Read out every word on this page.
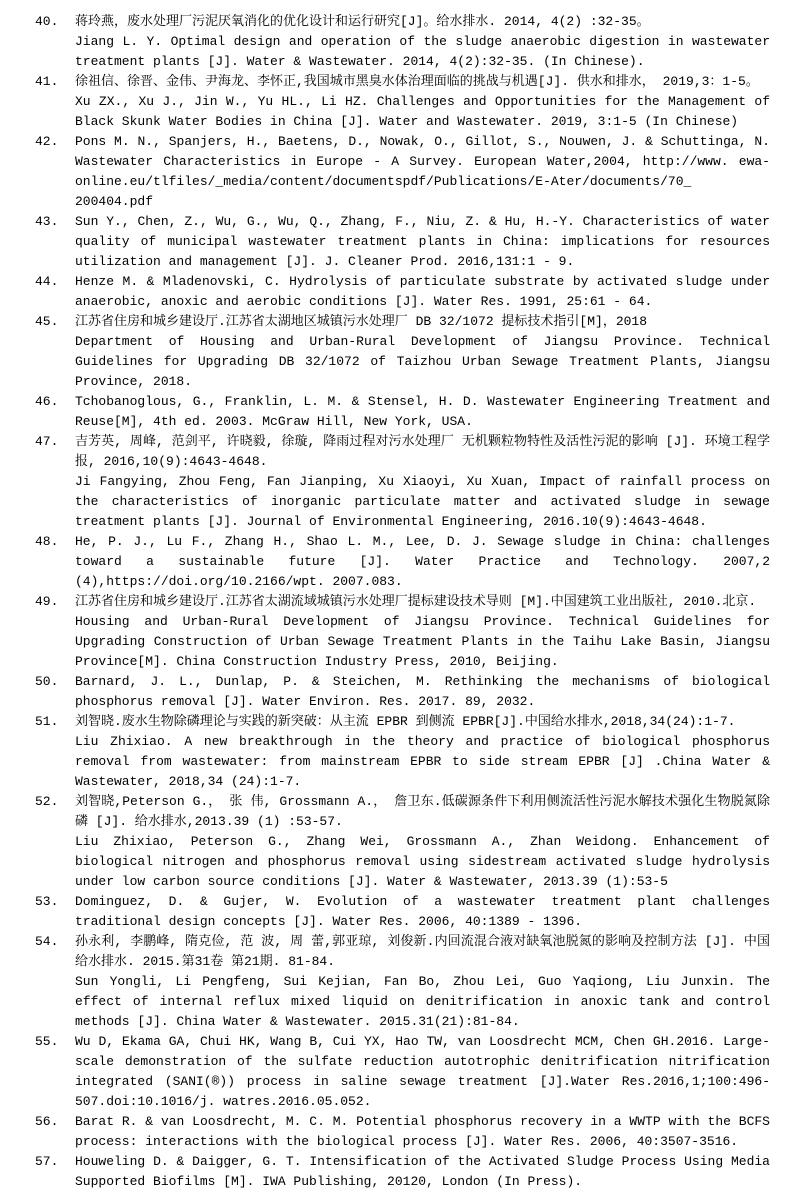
40.	蒋玲燕，废水处理厂污泥厌氧消化的优化设计和运行研究[J]。给水排水. 2014, 4(2) :32-35。

Jiang L. Y. Optimal design and operation of the sludge anaerobic digestion in wastewater treatment plants [J]. Water & Wastewater. 2014, 4(2):32-35. (In Chinese).

41.	徐祖信、徐晋、金伟、尹海龙、李怀正,我国城市黑臭水体治理面临的挑战与机遇[J]. 供水和排水， 2019,3：1-5。

Xu ZX., Xu J., Jin W., Yu HL., Li HZ. Challenges and Opportunities for the Management of Black Skunk Water Bodies in China [J]. Water and Wastewater. 2019, 3:1-5 (In Chinese)

42.	Pons M. N., Spanjers, H., Baetens, D., Nowak, O., Gillot, S., Nouwen, J. & Schuttinga, N. Wastewater Characteristics in Europe - A Survey. European Water,2004, http://www. ewa-online.eu/tlfiles/_media/content/documentspdf/Publications/E-Ater/documents/70_ 200404.pdf

43.	Sun Y., Chen, Z., Wu, G., Wu, Q., Zhang, F., Niu, Z. & Hu, H.-Y. Characteristics of water quality of municipal wastewater treatment plants in China: implications for resources utilization and management [J]. J. Cleaner Prod. 2016,131:1 - 9.

44.	Henze M. & Mladenovski, C. Hydrolysis of particulate substrate by activated sludge under anaerobic, anoxic and aerobic conditions [J]. Water Res. 1991, 25:61 - 64.

45.	江苏省住房和城乡建设厅.江苏省太湖地区城镇污水处理厂 DB 32/1072 提标技术指引[M]，2018

Department of Housing and Urban-Rural Development of Jiangsu Province. Technical Guidelines for Upgrading DB 32/1072 of Taizhou Urban Sewage Treatment Plants, Jiangsu Province, 2018.

46.	Tchobanoglous, G., Franklin, L. M. & Stensel, H. D. Wastewater Engineering Treatment and Reuse[M], 4th ed. 2003. McGraw Hill, New York, USA.

47.	吉芳英, 周峰, 范剑平, 许晓毅, 徐璇, 降雨过程对污水处理厂 无机颗粒物特性及活性污泥的影响 [J]. 环境工程学报, 2016,10(9):4643-4648.

Ji Fangying, Zhou Feng, Fan Jianping, Xu Xiaoyi, Xu Xuan, Impact of rainfall process on the characteristics of inorganic particulate matter and activated sludge in sewage treatment plants [J]. Journal of Environmental Engineering, 2016.10(9):4643-4648.

48.	He, P. J., Lu F., Zhang H., Shao L. M., Lee, D. J. Sewage sludge in China: challenges toward a sustainable future [J]. Water Practice and Technology. 2007,2 (4),https://doi.org/10.2166/wpt. 2007.083.

49.	江苏省住房和城乡建设厅.江苏省太湖流域城镇污水处理厂提标建设技术导则 [M].中国建筑工业出版社, 2010.北京.

Housing and Urban-Rural Development of Jiangsu Province. Technical Guidelines for Upgrading Construction of Urban Sewage Treatment Plants in the Taihu Lake Basin, Jiangsu Province[M]. China Construction Industry Press, 2010, Beijing.

50.	Barnard, J. L., Dunlap, P. & Steichen, M. Rethinking the mechanisms of biological phosphorus removal [J]. Water Environ. Res. 2017. 89, 2032.

51.	刘智晓.废水生物除磷理论与实践的新突破：从主流 EPBR 到侧流 EPBR[J].中国给水排水,2018,34(24):1-7.

Liu Zhixiao. A new breakthrough in the theory and practice of biological phosphorus removal from wastewater: from mainstream EPBR to side stream EPBR [J] .China Water & Wastewater, 2018,34 (24):1-7.

52.	刘智晓,Peterson G.， 张 伟, Grossmann A.， 詹卫东.低碳源条件下利用侧流活性污泥水解技术强化生物脱氮除磷 [J]. 给水排水,2013.39 (1) :53-57.

Liu Zhixiao, Peterson G., Zhang Wei, Grossmann A., Zhan Weidong. Enhancement of biological nitrogen and phosphorus removal using sidestream activated sludge hydrolysis under low carbon source conditions [J]. Water & Wastewater, 2013.39 (1):53-5

53.	Dominguez, D. & Gujer, W. Evolution of a wastewater treatment plant challenges traditional design concepts [J]. Water Res. 2006, 40:1389 - 1396.

54.	孙永利, 李鹏峰, 隋克俭, 范 波, 周 蕾,郭亚琼, 刘俊新.内回流混合液对缺氧池脱氮的影响及控制方法 [J]. 中国给水排水. 2015.第31卷 第21期. 81-84.

Sun Yongli, Li Pengfeng, Sui Kejian, Fan Bo, Zhou Lei, Guo Yaqiong, Liu Junxin. The effect of internal reflux mixed liquid on denitrification in anoxic tank and control methods [J]. China Water & Wastewater. 2015.31(21):81-84.

55.	Wu D, Ekama GA, Chui HK, Wang B, Cui YX, Hao TW, van Loosdrecht MCM, Chen GH.2016. Large-scale demonstration of the sulfate reduction autotrophic denitrification nitrification integrated (SANI(®)) process in saline sewage treatment [J].Water Res.2016,1;100:496-507.doi:10.1016/j. watres.2016.05.052.

56.	Barat R. & van Loosdrecht, M. C. M. Potential phosphorus recovery in a WWTP with the BCFS process: interactions with the biological process [J]. Water Res. 2006, 40:3507-3516.

57.	Houweling D. & Daigger, G. T. Intensification of the Activated Sludge Process Using Media Supported Biofilms [M]. IWA Publishing, 20120, London (In Press).
